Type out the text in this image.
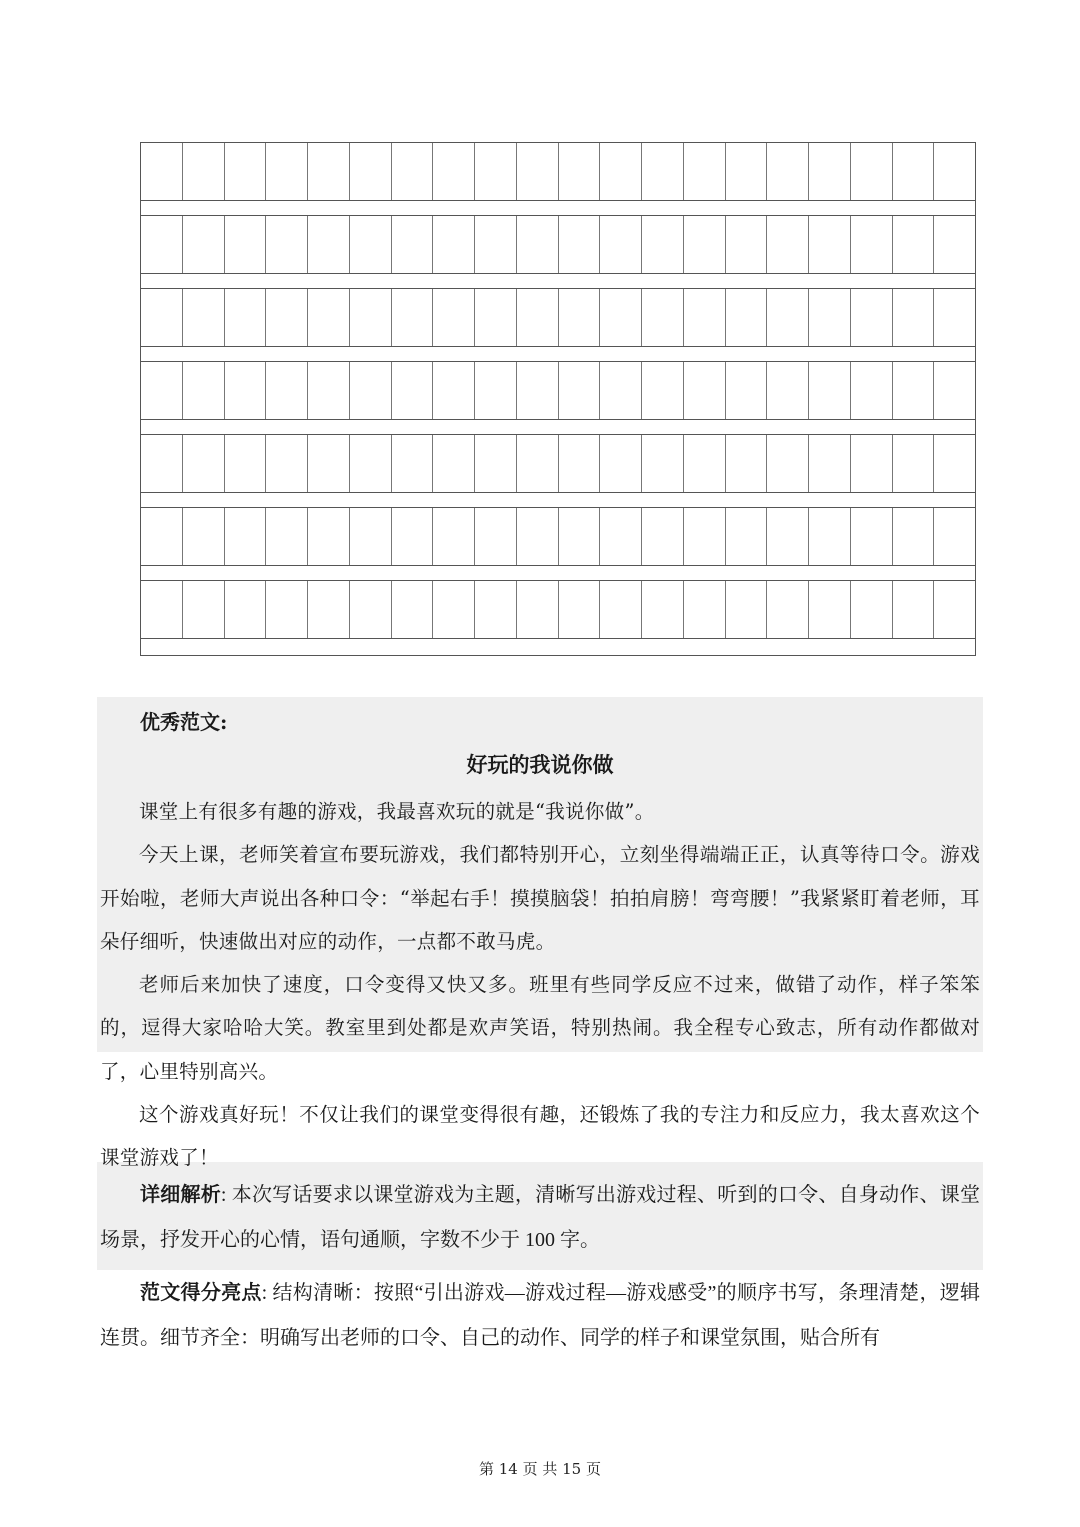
优秀范文:
好玩的我说你做

课堂上有很多有趣的游戏，我最喜欢玩的就是“我说你做”。

今天上课，老师笑着宣布要玩游戏，我们都特别开心，立刻坐得端端正正，认真等待口令。游戏开始啦，老师大声说出各种口令：“举起右手！摸摸脑袋！拍拍肩膀！弯弯腰！”我紧紧盯着老师，耳朵仔细听，快速做出对应的动作，一点都不敢马虎。

老师后来加快了速度，口令变得又快又多。班里有些同学反应不过来，做错了动作，样子笨笨的，逗得大家哈哈大笑。教室里到处都是欢声笑语，特别热闹。我全程专心致志，所有动作都做对了，心里特别高兴。

这个游戏真好玩！不仅让我们的课堂变得很有趣，还锻炼了我的专注力和反应力，我太喜欢这个课堂游戏了！

详细解析: 本次写话要求以课堂游戏为主题，清晰写出游戏过程、听到的口令、自身动作、课堂场景，抒发开心的心情，语句通顺，字数不少于 100 字。

范文得分亮点: 结构清晰：按照“引出游戏—游戏过程—游戏感受”的顺序书写，条理清楚，逻辑连贯。细节齐全：明确写出老师的口令、自己的动作、同学的样子和课堂氛围，贴合所有

第 14 页 共 15 页
